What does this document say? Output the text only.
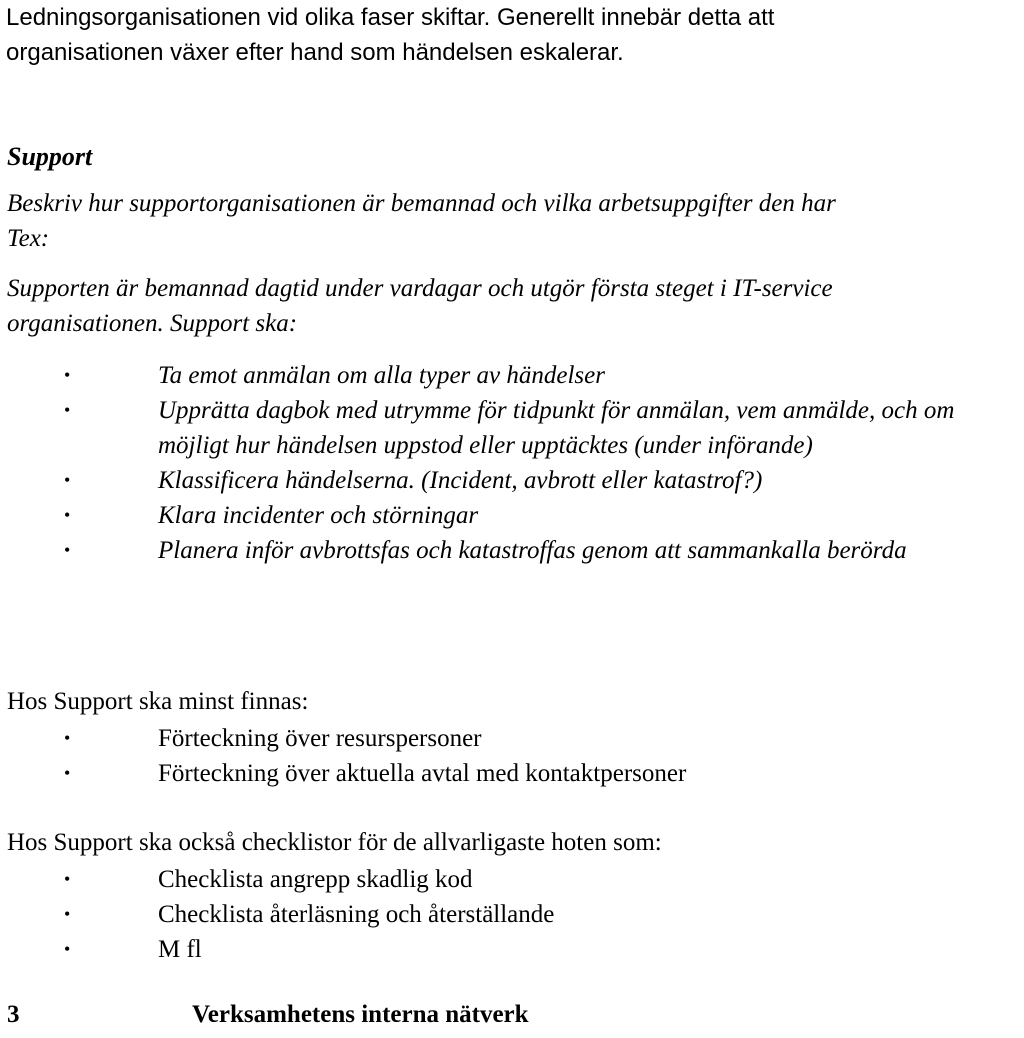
Ledningsorganisationen vid olika faser skiftar. Generellt innebär detta att
organisationen växer efter hand som händelsen eskalerar.
Support
Beskriv hur supportorganisationen är bemannad och vilka arbetsuppgifter den har
Tex:
Supporten är bemannad dagtid under vardagar och utgör första steget i IT-service
organisationen. Support ska:
•	Ta emot anmälan om alla typer av händelser
•	Upprätta dagbok med utrymme för tidpunkt för anmälan, vem anmälde, och om möjligt hur händelsen uppstod eller upptäcktes (under införande)
•	Klassificera händelserna. (Incident, avbrott eller katastrof?)
•	Klara incidenter och störningar
•	Planera inför avbrottsfas och katastroffas genom att sammankalla berörda
Hos Support ska minst finnas:
•	Förteckning över resurspersoner
•	Förteckning över aktuella avtal med kontaktpersoner
Hos Support ska också checklistor för de allvarligaste hoten som:
•	Checklista angrepp skadlig kod
•	Checklista återläsning och återställande
•	M fl
3	Verksamhetens interna nätverk
